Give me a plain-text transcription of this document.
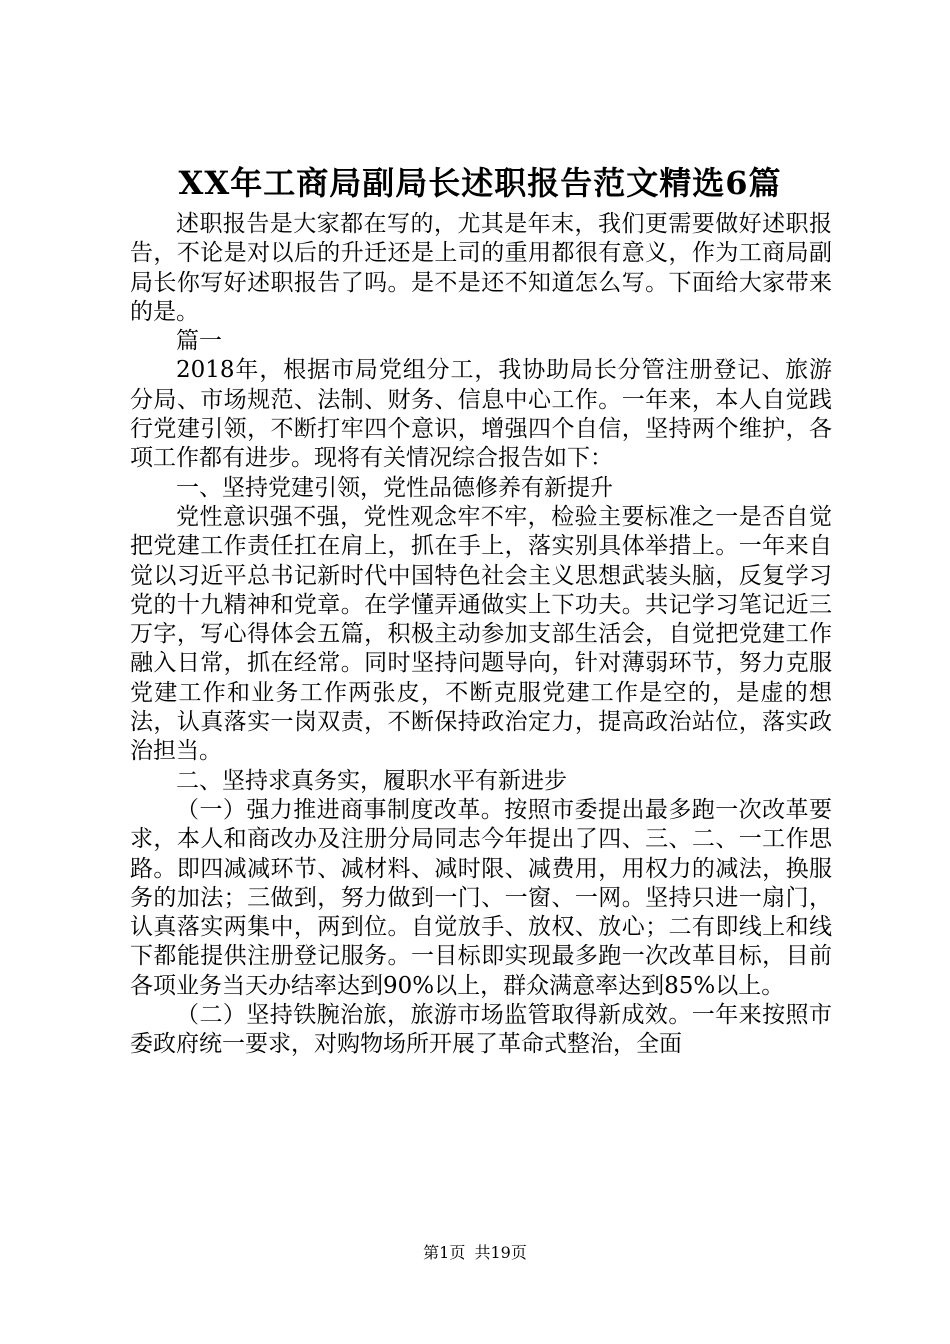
XX年工商局副局长述职报告范文精选6篇

述职报告是大家都在写的，尤其是年末，我们更需要做好述职报告，不论是对以后的升迁还是上司的重用都很有意义，作为工商局副局长你写好述职报告了吗。是不是还不知道怎么写。下面给大家带来的是。

篇一

2018年，根据市局党组分工，我协助局长分管注册登记、旅游分局、市场规范、法制、财务、信息中心工作。一年来，本人自觉践行党建引领，不断打牢四个意识，增强四个自信，坚持两个维护，各项工作都有进步。现将有关情况综合报告如下：

一、坚持党建引领，党性品德修养有新提升

党性意识强不强，党性观念牢不牢，检验主要标准之一是否自觉把党建工作责任扛在肩上，抓在手上，落实别具体举措上。一年来自觉以习近平总书记新时代中国特色社会主义思想武装头脑，反复学习党的十九精神和党章。在学懂弄通做实上下功夫。共记学习笔记近三万字，写心得体会五篇，积极主动参加支部生活会，自觉把党建工作融入日常，抓在经常。同时坚持问题导向，针对薄弱环节，努力克服党建工作和业务工作两张皮，不断克服党建工作是空的，是虚的想法，认真落实一岗双责，不断保持政治定力，提高政治站位，落实政治担当。

二、坚持求真务实，履职水平有新进步

（一）强力推进商事制度改革。按照市委提出最多跑一次改革要求，本人和商改办及注册分局同志今年提出了四、三、二、一工作思路。即四减减环节、减材料、减时限、减费用，用权力的减法，换服务的加法；三做到，努力做到一门、一窗、一网。坚持只进一扇门，认真落实两集中，两到位。自觉放手、放权、放心；二有即线上和线下都能提供注册登记服务。一目标即实现最多跑一次改革目标，目前各项业务当天办结率达到90%以上，群众满意率达到85%以上。

（二）坚持铁腕治旅，旅游市场监管取得新成效。一年来按照市委政府统一要求，对购物场所开展了革命式整治，全面

第1页 共19页
